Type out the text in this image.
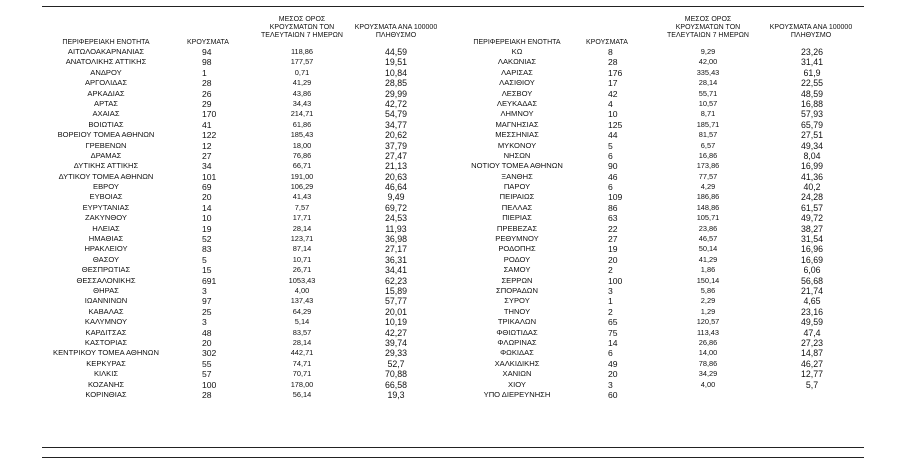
ΠΕΡΙΦΕΡΕΙΑΚΗ ΕΝΟΤΗΤΑ	ΚΡΟΥΣΜΑΤΑ
ΜΕΣΟΣ ΟΡΟΣ
ΚΡΟΥΣΜΑΤΩΝ ΤΟΝ
ΤΕΛΕΥΤΑΙΩΝ 7 ΗΜΕΡΩΝ
ΚΡΟΥΣΜΑΤΑ ΑΝΑ 100000
ΠΛΗΘΥΣΜΟ
ΠΕΡΙΦΕΡΕΙΑΚΗ ΕΝΟΤΗΤΑ	ΚΡΟΥΣΜΑΤΑ
ΜΕΣΟΣ ΟΡΟΣ
ΚΡΟΥΣΜΑΤΩΝ ΤΟΝ
ΤΕΛΕΥΤΑΙΩΝ 7 ΗΜΕΡΩΝ
ΚΡΟΥΣΜΑΤΑ ΑΝΑ 100000
ΠΛΗΘΥΣΜΟ
ΑΙΤΩΛΟΑΚΑΡΝΑΝΙΑΣ
ΑΝΑΤΟΛΙΚΗΣ ΑΤΤΙΚΗΣ
ΑΝΔΡΟΥ
ΑΡΓΟΛΙΔΑΣ
ΑΡΚΑΔΙΑΣ
ΑΡΤΑΣ
ΑΧΑΙΑΣ
ΒΟΙΩΤΙΑΣ
ΒΟΡΕΙΟΥ ΤΟΜΕΑ ΑΘΗΝΩΝ
ΓΡΕΒΕΝΩΝ
ΔΡΑΜΑΣ
ΔΥΤΙΚΗΣ ΑΤΤΙΚΗΣ
ΔΥΤΙΚΟΥ ΤΟΜΕΑ ΑΘΗΝΩΝ
ΕΒΡΟΥ
ΕΥΒΟΙΑΣ
ΕΥΡΥΤΑΝΙΑΣ
ΖΑΚΥΝΘΟΥ
ΗΛΕΙΑΣ
ΗΜΑΘΙΑΣ
ΗΡΑΚΛΕΙΟΥ
ΘΑΣΟΥ
ΘΕΣΠΡΩΤΙΑΣ
ΘΕΣΣΑΛΟΝΙΚΗΣ
ΘΗΡΑΣ
ΙΩΑΝΝΙΝΩΝ
ΚΑΒΑΛΑΣ
ΚΑΛΥΜΝΟΥ
ΚΑΡΔΙΤΣΑΣ
ΚΑΣΤΟΡΙΑΣ
ΚΕΝΤΡΙΚΟΥ ΤΟΜΕΑ ΑΘΗΝΩΝ
ΚΕΡΚΥΡΑΣ
ΚΙΛΚΙΣ
ΚΟΖΑΝΗΣ
ΚΟΡΙΝΘΙΑΣ
94
98
1
28
26
29
170
41
122
12
27
34
101
69
20
14
10
19
52
83
5
15
691
3
97
25
3
48
20
302
55
57
100
28
118,86
177,57
0,71
41,29
43,86
34,43
214,71
61,86
185,43
18,00
76,86
66,71
191,00
106,29
41,43
7,57
17,71
28,14
123,71
87,14
10,71
26,71
1053,43
4,00
137,43
64,29
5,14
83,57
28,14
442,71
74,71
70,71
178,00
56,14
44,59
19,51
10,84
28,85
29,99
42,72
54,79
34,77
20,62
37,79
27,47
21,13
20,63
46,64
9,49
69,72
24,53
11,93
36,98
27,17
36,31
34,41
62,23
15,89
57,77
20,01
10,19
42,27
39,74
29,33
52,7
70,88
66,58
19,3
ΚΩ
ΛΑΚΩΝΙΑΣ
ΛΑΡΙΣΑΣ
ΛΑΣΙΘΙΟΥ
ΛΕΣΒΟΥ
ΛΕΥΚΑΔΑΣ
ΛΗΜΝΟΥ
ΜΑΓΝΗΣΙΑΣ
ΜΕΣΣΗΝΙΑΣ
ΜΥΚΟΝΟΥ
ΝΗΣΩΝ
ΝΟΤΙΟΥ ΤΟΜΕΑ ΑΘΗΝΩΝ
ΞΑΝΘΗΣ
ΠΑΡΟΥ
ΠΕΙΡΑΙΩΣ
ΠΕΛΛΑΣ
ΠΙΕΡΙΑΣ
ΠΡΕΒΕΖΑΣ
ΡΕΘΥΜΝΟΥ
ΡΟΔΟΠΗΣ
ΡΟΔΟΥ
ΣΑΜΟΥ
ΣΕΡΡΩΝ
ΣΠΟΡΑΔΩΝ
ΣΥΡΟΥ
ΤΗΝΟΥ
ΤΡΙΚΑΛΩΝ
ΦΘΙΩΤΙΔΑΣ
ΦΛΩΡΙΝΑΣ
ΦΩΚΙΔΑΣ
ΧΑΛΚΙΔΙΚΗΣ
ΧΑΝΙΩΝ
ΧΙΟΥ
ΥΠΟ ΔΙΕΡΕΥΝΗΣΗ
8
28
176
17
42
4
10
125
44
5
6
90
46
6
109
86
63
22
27
19
20
2
100
3
1
2
65
75
14
6
49
20
3
60
9,29
42,00
335,43
28,14
55,71
10,57
8,71
185,71
81,57
6,57
16,86
173,86
77,57
4,29
186,86
148,86
105,71
23,86
46,57
50,14
41,29
1,86
150,14
5,86
2,29
1,29
120,57
113,43
26,86
14,00
78,86
34,29
4,00
23,26
31,41
61,9
22,55
48,59
16,88
57,93
65,79
27,51
49,34
8,04
16,99
41,36
40,2
24,28
61,57
49,72
38,27
31,54
16,96
16,69
6,06
56,68
21,74
4,65
23,16
49,59
47,4
27,23
14,87
46,27
12,77
5,7
